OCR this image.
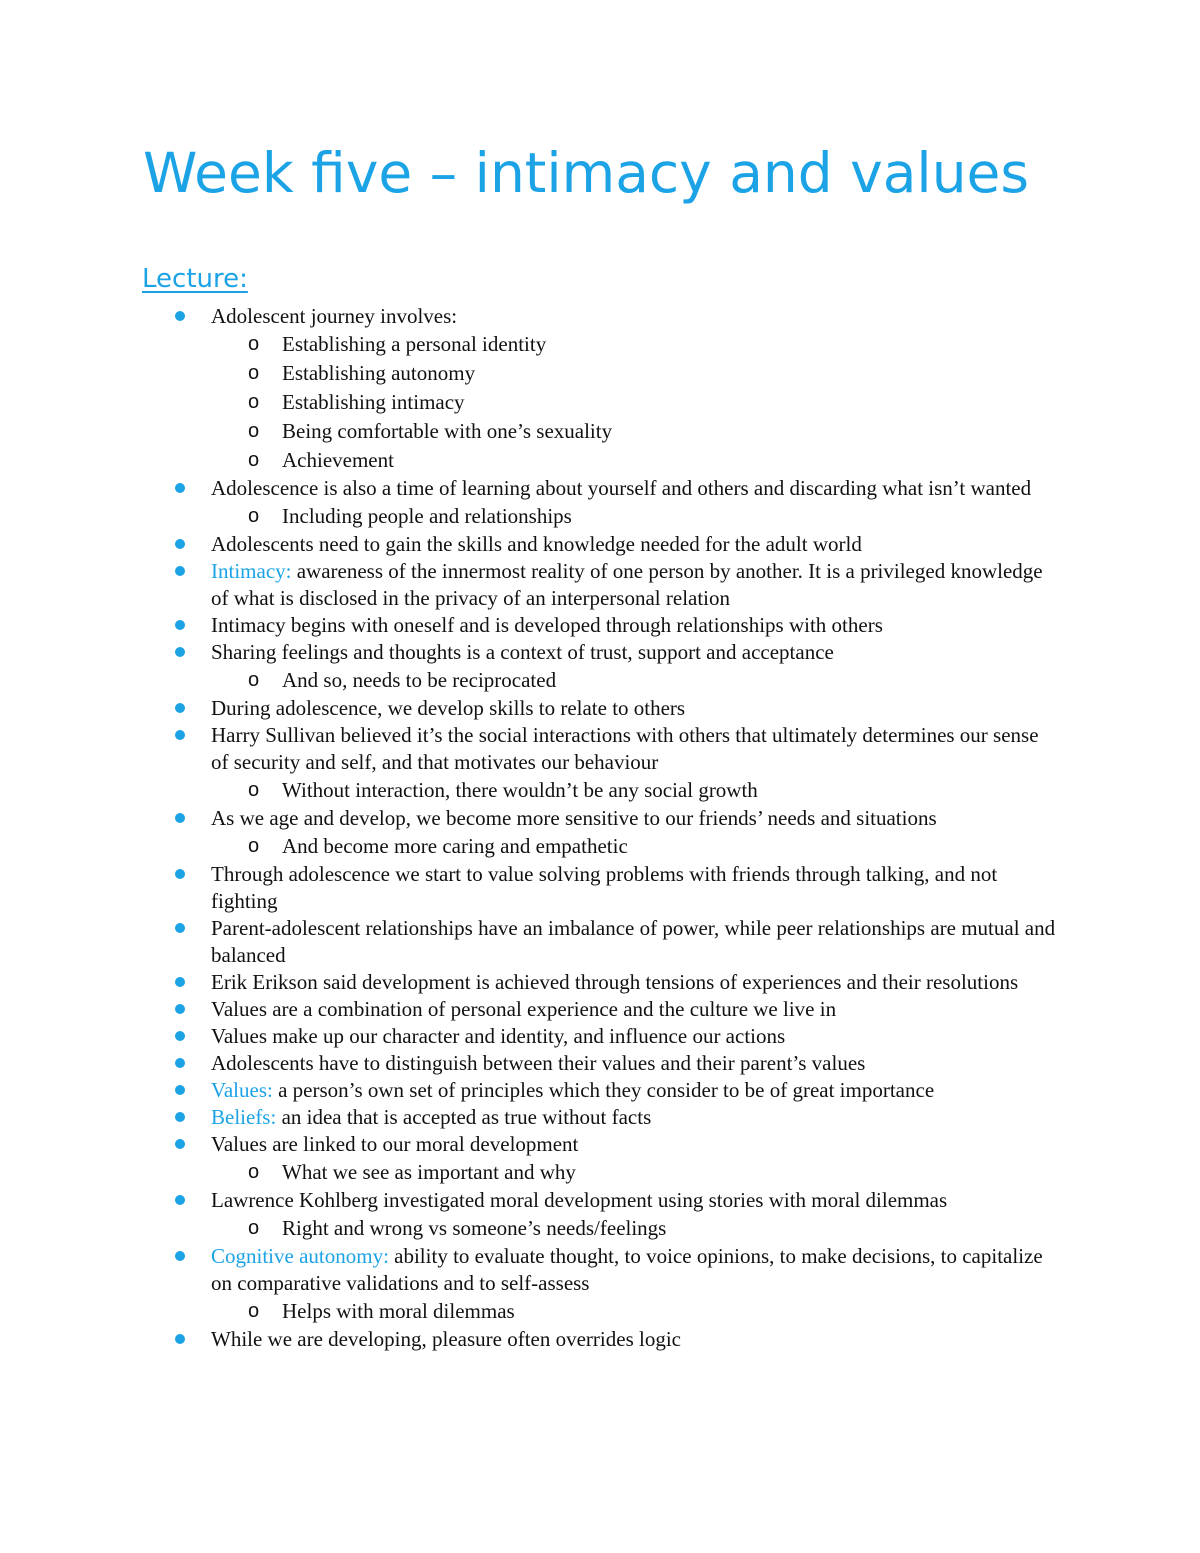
Week five – intimacy and values
Lecture:
Adolescent journey involves:
o Establishing a personal identity
o Establishing autonomy
o Establishing intimacy
o Being comfortable with one’s sexuality
o Achievement
Adolescence is also a time of learning about yourself and others and discarding what isn’t wanted
o Including people and relationships
Adolescents need to gain the skills and knowledge needed for the adult world
Intimacy: awareness of the innermost reality of one person by another. It is a privileged knowledge of what is disclosed in the privacy of an interpersonal relation
Intimacy begins with oneself and is developed through relationships with others
Sharing feelings and thoughts is a context of trust, support and acceptance
o And so, needs to be reciprocated
During adolescence, we develop skills to relate to others
Harry Sullivan believed it’s the social interactions with others that ultimately determines our sense of security and self, and that motivates our behaviour
o Without interaction, there wouldn’t be any social growth
As we age and develop, we become more sensitive to our friends’ needs and situations
o And become more caring and empathetic
Through adolescence we start to value solving problems with friends through talking, and not fighting
Parent-adolescent relationships have an imbalance of power, while peer relationships are mutual and balanced
Erik Erikson said development is achieved through tensions of experiences and their resolutions
Values are a combination of personal experience and the culture we live in
Values make up our character and identity, and influence our actions
Adolescents have to distinguish between their values and their parent’s values
Values: a person’s own set of principles which they consider to be of great importance
Beliefs: an idea that is accepted as true without facts
Values are linked to our moral development
o What we see as important and why
Lawrence Kohlberg investigated moral development using stories with moral dilemmas
o Right and wrong vs someone’s needs/feelings
Cognitive autonomy: ability to evaluate thought, to voice opinions, to make decisions, to capitalize on comparative validations and to self-assess
o Helps with moral dilemmas
While we are developing, pleasure often overrides logic
